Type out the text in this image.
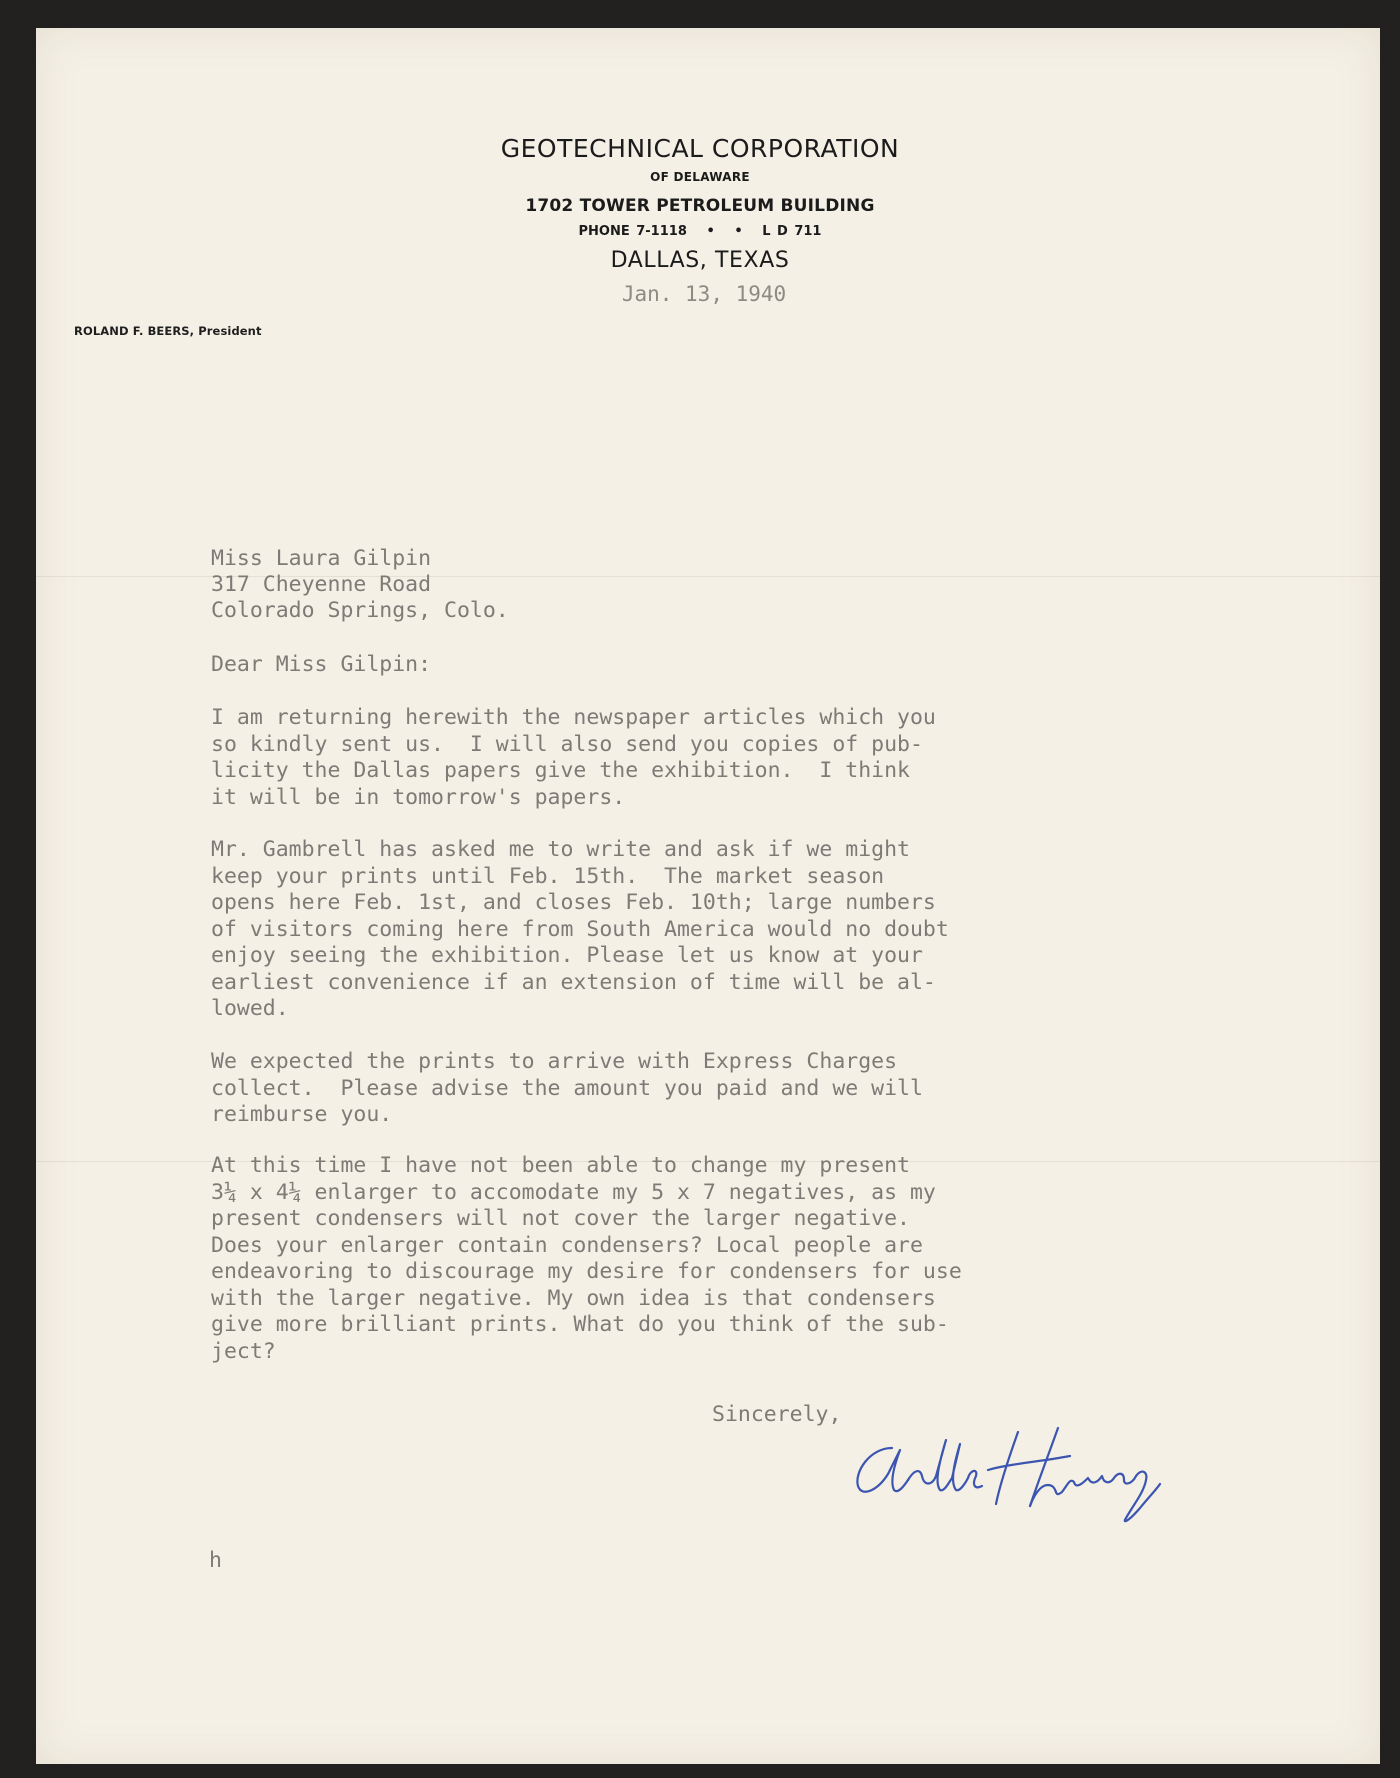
GEOTECHNICAL CORPORATION
OF DELAWARE
1702 TOWER PETROLEUM BUILDING
PHONE 7-1118   •   •   L D 711
DALLAS, TEXAS
Jan. 13, 1940
ROLAND F. BEERS, President
Miss Laura Gilpin
317 Cheyenne Road
Colorado Springs, Colo.
Dear Miss Gilpin:
I am returning herewith the newspaper articles which you
so kindly sent us.  I will also send you copies of pub-
licity the Dallas papers give the exhibition.  I think
it will be in tomorrow's papers.
Mr. Gambrell has asked me to write and ask if we might
keep your prints until Feb. 15th.  The market season
opens here Feb. 1st, and closes Feb. 10th; large numbers
of visitors coming here from South America would no doubt
enjoy seeing the exhibition. Please let us know at your
earliest convenience if an extension of time will be al-
lowed.
We expected the prints to arrive with Express Charges
collect.  Please advise the amount you paid and we will
reimburse you.
At this time I have not been able to change my present
3¼ x 4¼ enlarger to accomodate my 5 x 7 negatives, as my
present condensers will not cover the larger negative.
Does your enlarger contain condensers? Local people are
endeavoring to discourage my desire for condensers for use
with the larger negative. My own idea is that condensers
give more brilliant prints. What do you think of the sub-
ject?
Sincerely,
h
